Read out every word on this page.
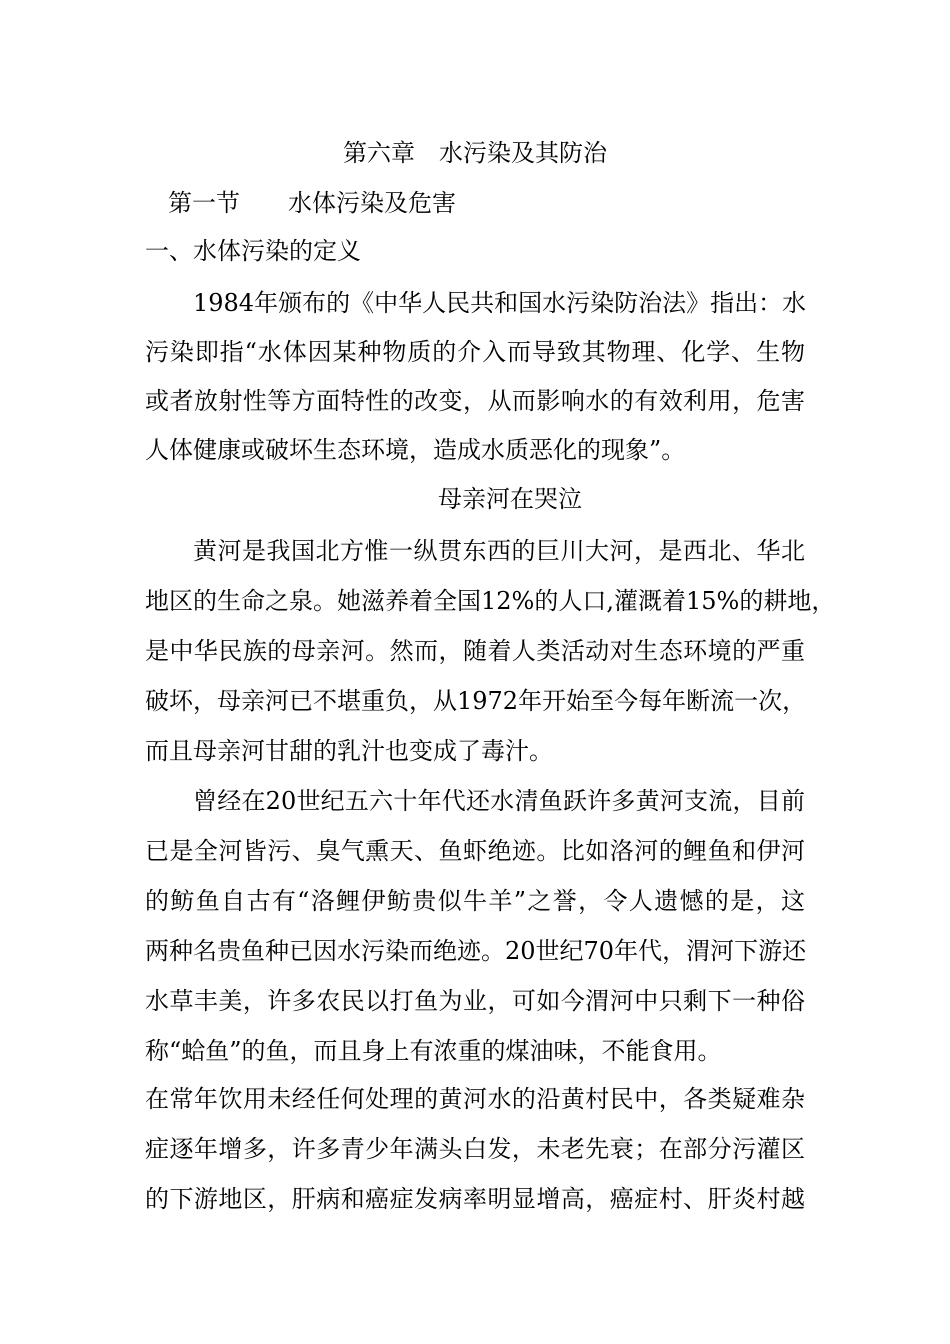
第六章　水污染及其防治
第一节　　水体污染及危害
一、水体污染的定义
1984年颁布的《中华人民共和国水污染防治法》指出：水
污染即指“水体因某种物质的介入而导致其物理、化学、生物
或者放射性等方面特性的改变，从而影响水的有效利用，危害
人体健康或破坏生态环境，造成水质恶化的现象”。
母亲河在哭泣
黄河是我国北方惟一纵贯东西的巨川大河，是西北、华北
地区的生命之泉。她滋养着全国12%的人口,灌溉着15%的耕地，
是中华民族的母亲河。然而，随着人类活动对生态环境的严重
破坏，母亲河已不堪重负，从1972年开始至今每年断流一次，
而且母亲河甘甜的乳汁也变成了毒汁。
曾经在20世纪五六十年代还水清鱼跃许多黄河支流，目前
已是全河皆污、臭气熏天、鱼虾绝迹。比如洛河的鲤鱼和伊河
的鲂鱼自古有“洛鲤伊鲂贵似牛羊”之誉，令人遗憾的是，这
两种名贵鱼种已因水污染而绝迹。20世纪70年代，渭河下游还
水草丰美，许多农民以打鱼为业，可如今渭河中只剩下一种俗
称“蛤鱼”的鱼，而且身上有浓重的煤油味，不能食用。
在常年饮用未经任何处理的黄河水的沿黄村民中，各类疑难杂
症逐年增多，许多青少年满头白发，未老先衰；在部分污灌区
的下游地区，肝病和癌症发病率明显增高，癌症村、肝炎村越
